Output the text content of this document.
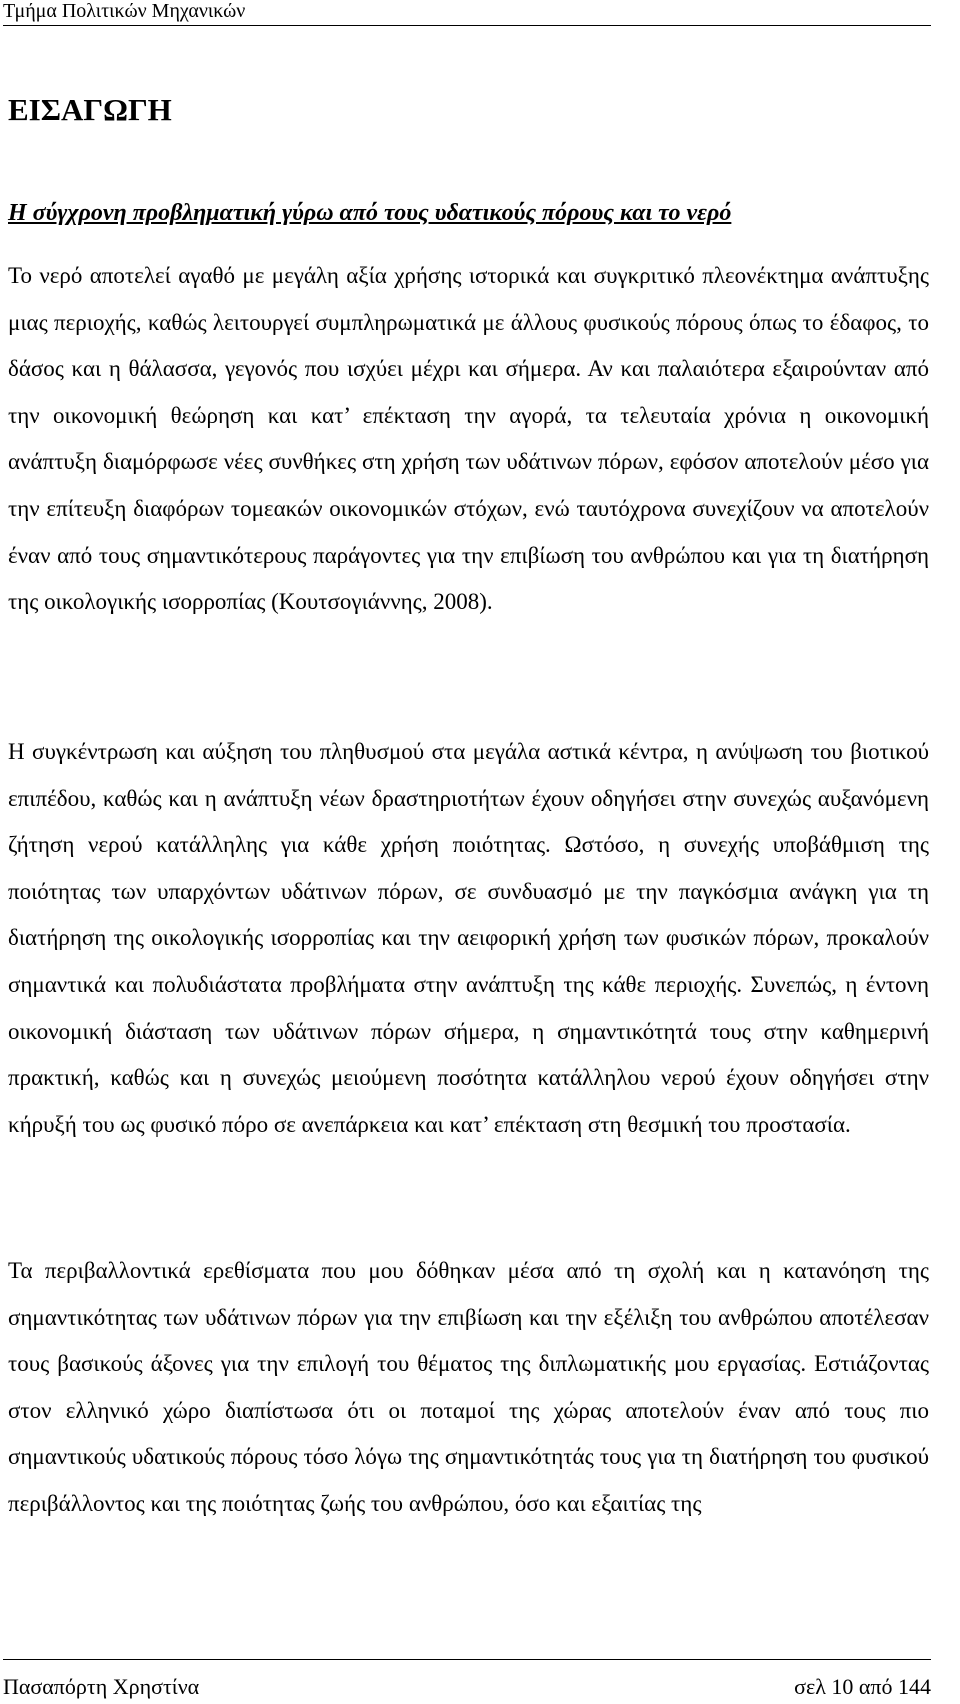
Τμήμα Πολιτικών Μηχανικών
ΕΙΣΑΓΩΓΗ
Η σύγχρονη προβληματική γύρω από τους υδατικούς πόρους και το νερό

Το νερό αποτελεί αγαθό με μεγάλη αξία χρήσης ιστορικά και συγκριτικό πλεονέκτημα ανάπτυξης μιας περιοχής, καθώς λειτουργεί συμπληρωματικά με άλλους φυσικούς πόρους όπως το έδαφος, το δάσος και η θάλασσα, γεγονός που ισχύει μέχρι και σήμερα. Αν και παλαιότερα εξαιρούνταν από την οικονομική θεώρηση και κατ’ επέκταση την αγορά, τα τελευταία χρόνια η οικονομική ανάπτυξη διαμόρφωσε νέες συνθήκες στη χρήση των υδάτινων πόρων, εφόσον αποτελούν μέσο για την επίτευξη διαφόρων τομεακών οικονομικών στόχων, ενώ ταυτόχρονα συνεχίζουν να αποτελούν έναν από τους σημαντικότερους παράγοντες για την επιβίωση του ανθρώπου και για τη διατήρηση της οικολογικής ισορροπίας (Κουτσογιάννης, 2008).

Η συγκέντρωση και αύξηση του πληθυσμού στα μεγάλα αστικά κέντρα, η ανύψωση του βιοτικού επιπέδου, καθώς και η ανάπτυξη νέων δραστηριοτήτων έχουν οδηγήσει στην συνεχώς αυξανόμενη ζήτηση νερού κατάλληλης για κάθε χρήση ποιότητας. Ωστόσο, η συνεχής υποβάθμιση της ποιότητας των υπαρχόντων υδάτινων πόρων, σε συνδυασμό με την παγκόσμια ανάγκη για τη διατήρηση της οικολογικής ισορροπίας και την αειφορική χρήση των φυσικών πόρων, προκαλούν σημαντικά και πολυδιάστατα προβλήματα στην ανάπτυξη της κάθε περιοχής. Συνεπώς, η έντονη οικονομική διάσταση των υδάτινων πόρων σήμερα, η σημαντικότητά τους στην καθημερινή πρακτική, καθώς και η συνεχώς μειούμενη ποσότητα κατάλληλου νερού έχουν οδηγήσει στην κήρυξή του ως φυσικό πόρο σε ανεπάρκεια και κατ’ επέκταση στη θεσμική του προστασία.

Τα περιβαλλοντικά ερεθίσματα που μου δόθηκαν μέσα από τη σχολή και η κατανόηση της σημαντικότητας των υδάτινων πόρων για την επιβίωση και την εξέλιξη του ανθρώπου αποτέλεσαν τους βασικούς άξονες για την επιλογή του θέματος της διπλωματικής μου εργασίας. Εστιάζοντας στον ελληνικό χώρο διαπίστωσα ότι οι ποταμοί της χώρας αποτελούν έναν από τους πιο σημαντικούς υδατικούς πόρους τόσο λόγω της σημαντικότητάς τους για τη διατήρηση του φυσικού περιβάλλοντος και της ποιότητας ζωής του ανθρώπου, όσο και εξαιτίας της

Πασαπόρτη Χρηστίνα	σελ 10 από 144
